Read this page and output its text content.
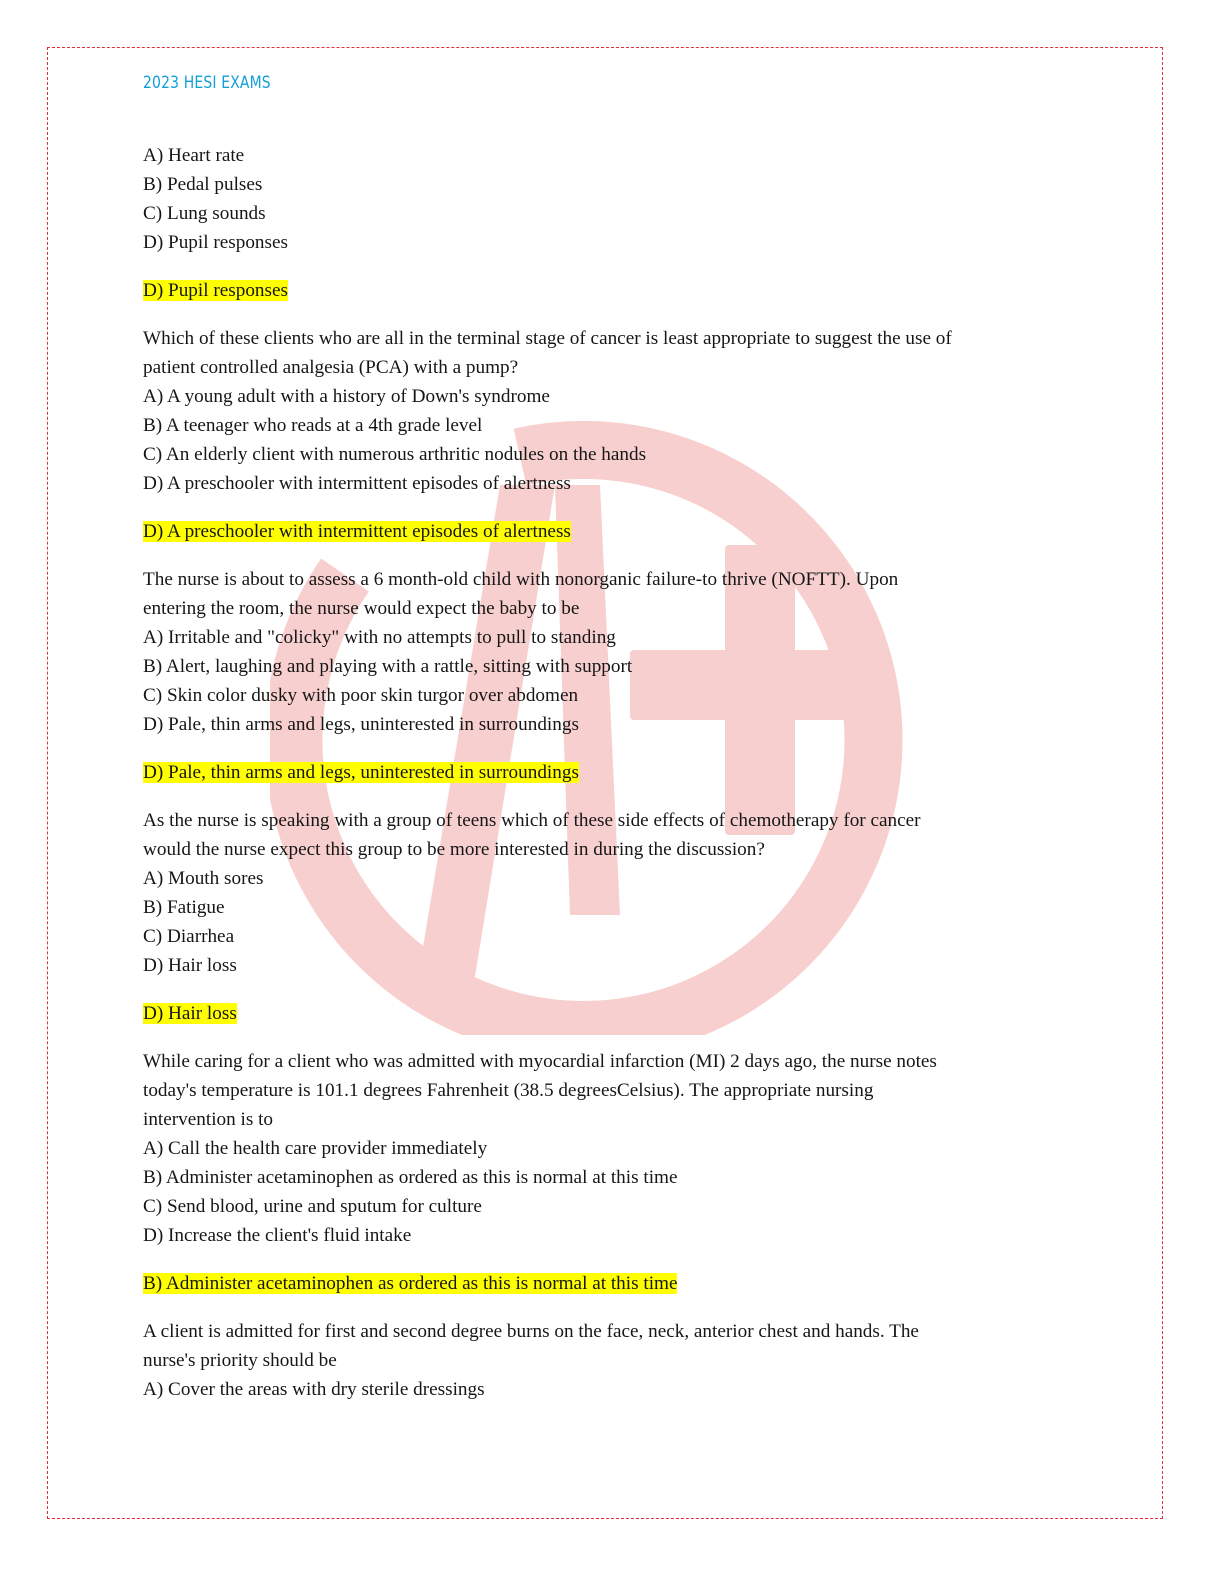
2023 HESI EXAMS
A) Heart rate
B) Pedal pulses
C) Lung sounds
D) Pupil responses
D) Pupil responses
Which of these clients who are all in the terminal stage of cancer is least appropriate to suggest the use of
patient controlled analgesia (PCA) with a pump?
A) A young adult with a history of Down's syndrome
B) A teenager who reads at a 4th grade level
C) An elderly client with numerous arthritic nodules on the hands
D) A preschooler with intermittent episodes of alertness
D) A preschooler with intermittent episodes of alertness
The nurse is about to assess a 6 month-old child with nonorganic failure-to thrive (NOFTT). Upon
entering the room, the nurse would expect the baby to be
A) Irritable and "colicky" with no attempts to pull to standing
B) Alert, laughing and playing with a rattle, sitting with support
C) Skin color dusky with poor skin turgor over abdomen
D) Pale, thin arms and legs, uninterested in surroundings
D) Pale, thin arms and legs, uninterested in surroundings
As the nurse is speaking with a group of teens which of these side effects of chemotherapy for cancer
would the nurse expect this group to be more interested in during the discussion?
A) Mouth sores
B) Fatigue
C) Diarrhea
D) Hair loss
D) Hair loss
While caring for a client who was admitted with myocardial infarction (MI) 2 days ago, the nurse notes
today's temperature is 101.1 degrees Fahrenheit (38.5 degreesCelsius). The appropriate nursing
intervention is to
A) Call the health care provider immediately
B) Administer acetaminophen as ordered as this is normal at this time
C) Send blood, urine and sputum for culture
D) Increase the client's fluid intake
B) Administer acetaminophen as ordered as this is normal at this time
A client is admitted for first and second degree burns on the face, neck, anterior chest and hands. The
nurse's priority should be
A) Cover the areas with dry sterile dressings
